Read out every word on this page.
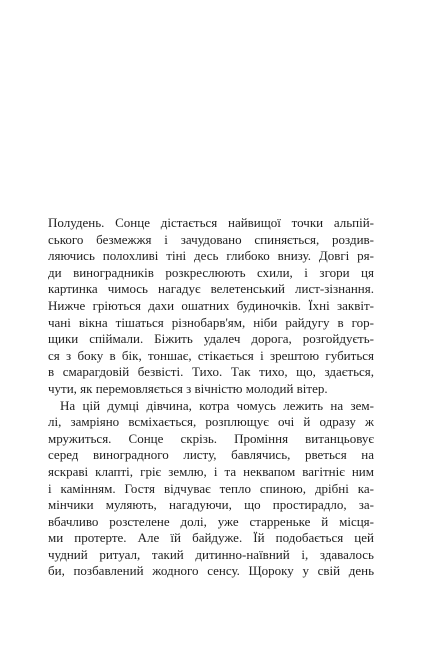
Полудень. Сонце дістається найвищої точки альпій-
ського безмежжя і зачудовано спиняється, роздив-
ляючись полохливі тіні десь глибоко внизу. Довгі ря-
ди виноградників розкреслюють схили, і згори ця
картинка чимось нагадує велетенський лист-зізнання.
Нижче гріються дахи ошатних будиночків. Їхні заквіт-
чані вікна тішаться різнобарв'ям, ніби райдугу в гор-
щики спіймали. Біжить удалеч дорога, розгойдуєть-
ся з боку в бік, тоншає, стікається і зрештою губиться
в смарагдовій безвісті. Тихо. Так тихо, що, здається,
чути, як перемовляється з вічністю молодий вітер.
На цій думці дівчина, котра чомусь лежить на зем-
лі, замріяно всміхається, розплющує очі й одразу ж
мружиться. Сонце скрізь. Проміння витанцьовує
серед виноградного листу, бавлячись, рветься на
яскраві клапті, гріє землю, і та неквапом вагітніє ним
і камінням. Гостя відчуває тепло спиною, дрібні ка-
мінчики муляють, нагадуючи, що простирадло, за-
вбачливо розстелене долі, уже старреньке й місця-
ми протерте. Але їй байдуже. Їй подобається цей
чудний ритуал, такий дитинно-наївний і, здавалось
би, позбавлений жодного сенсу. Щороку у свій день
